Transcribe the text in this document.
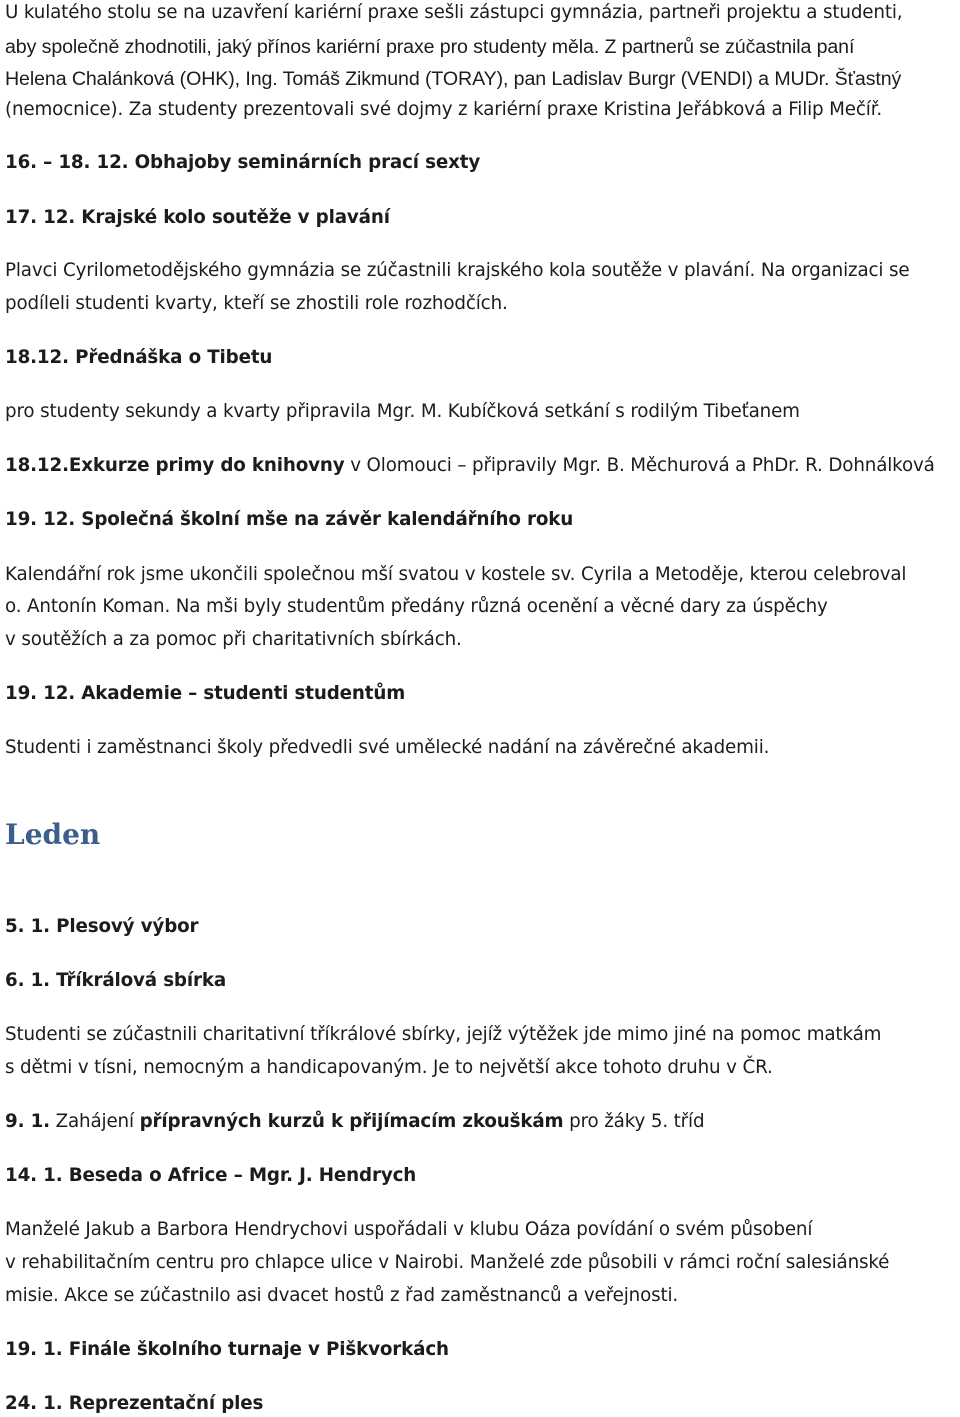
U kulatého stolu se na uzavření kariérní praxe sešli zástupci gymnázia, partneři projektu a studenti,
aby společně zhodnotili, jaký přínos kariérní praxe pro studenty měla. Z partnerů se zúčastnila paní
Helena Chalánková (OHK), Ing. Tomáš Zikmund (TORAY), pan Ladislav Burgr (VENDI) a MUDr. Šťastný
(nemocnice). Za studenty prezentovali své dojmy z kariérní praxe Kristina Jeřábková a Filip Mečíř.
16. – 18. 12. Obhajoby seminárních prací sexty
17. 12. Krajské kolo soutěže v plavání
Plavci Cyrilometodějského gymnázia se zúčastnili krajského kola soutěže v plavání. Na organizaci se
podíleli studenti kvarty, kteří se zhostili role rozhodčích.
18.12. Přednáška o Tibetu
pro studenty sekundy a kvarty připravila Mgr. M. Kubíčková setkání s rodilým Tibeťanem
18.12.Exkurze primy do knihovny v Olomouci – připravily Mgr. B. Měchurová a PhDr. R. Dohnálková
19. 12. Společná školní mše na závěr kalendářního roku
Kalendářní rok jsme ukončili společnou mší svatou v kostele sv. Cyrila a Metoděje, kterou celebroval
o. Antonín Koman. Na mši byly studentům předány různá ocenění a věcné dary za úspěchy
v soutěžích a za pomoc při charitativních sbírkách.
19. 12. Akademie – studenti studentům
Studenti i zaměstnanci školy předvedli své umělecké nadání na závěrečné akademii.
Leden
5. 1. Plesový výbor
6. 1. Tříkrálová sbírka
Studenti se zúčastnili charitativní tříkrálové sbírky, jejíž výtěžek jde mimo jiné na pomoc matkám
s dětmi v tísni, nemocným a handicapovaným. Je to největší akce tohoto druhu v ČR.
9. 1. Zahájení přípravných kurzů k přijímacím zkouškám pro žáky 5. tříd
14. 1. Beseda o Africe – Mgr. J. Hendrych
Manželé Jakub a Barbora Hendrychovi uspořádali v klubu Oáza povídání o svém působení
v rehabilitačním centru pro chlapce ulice v Nairobi. Manželé zde působili v rámci roční salesiánské
misie. Akce se zúčastnilo asi dvacet hostů z řad zaměstnanců a veřejnosti.
19. 1. Finále školního turnaje v Piškvorkách
24. 1. Reprezentační ples
